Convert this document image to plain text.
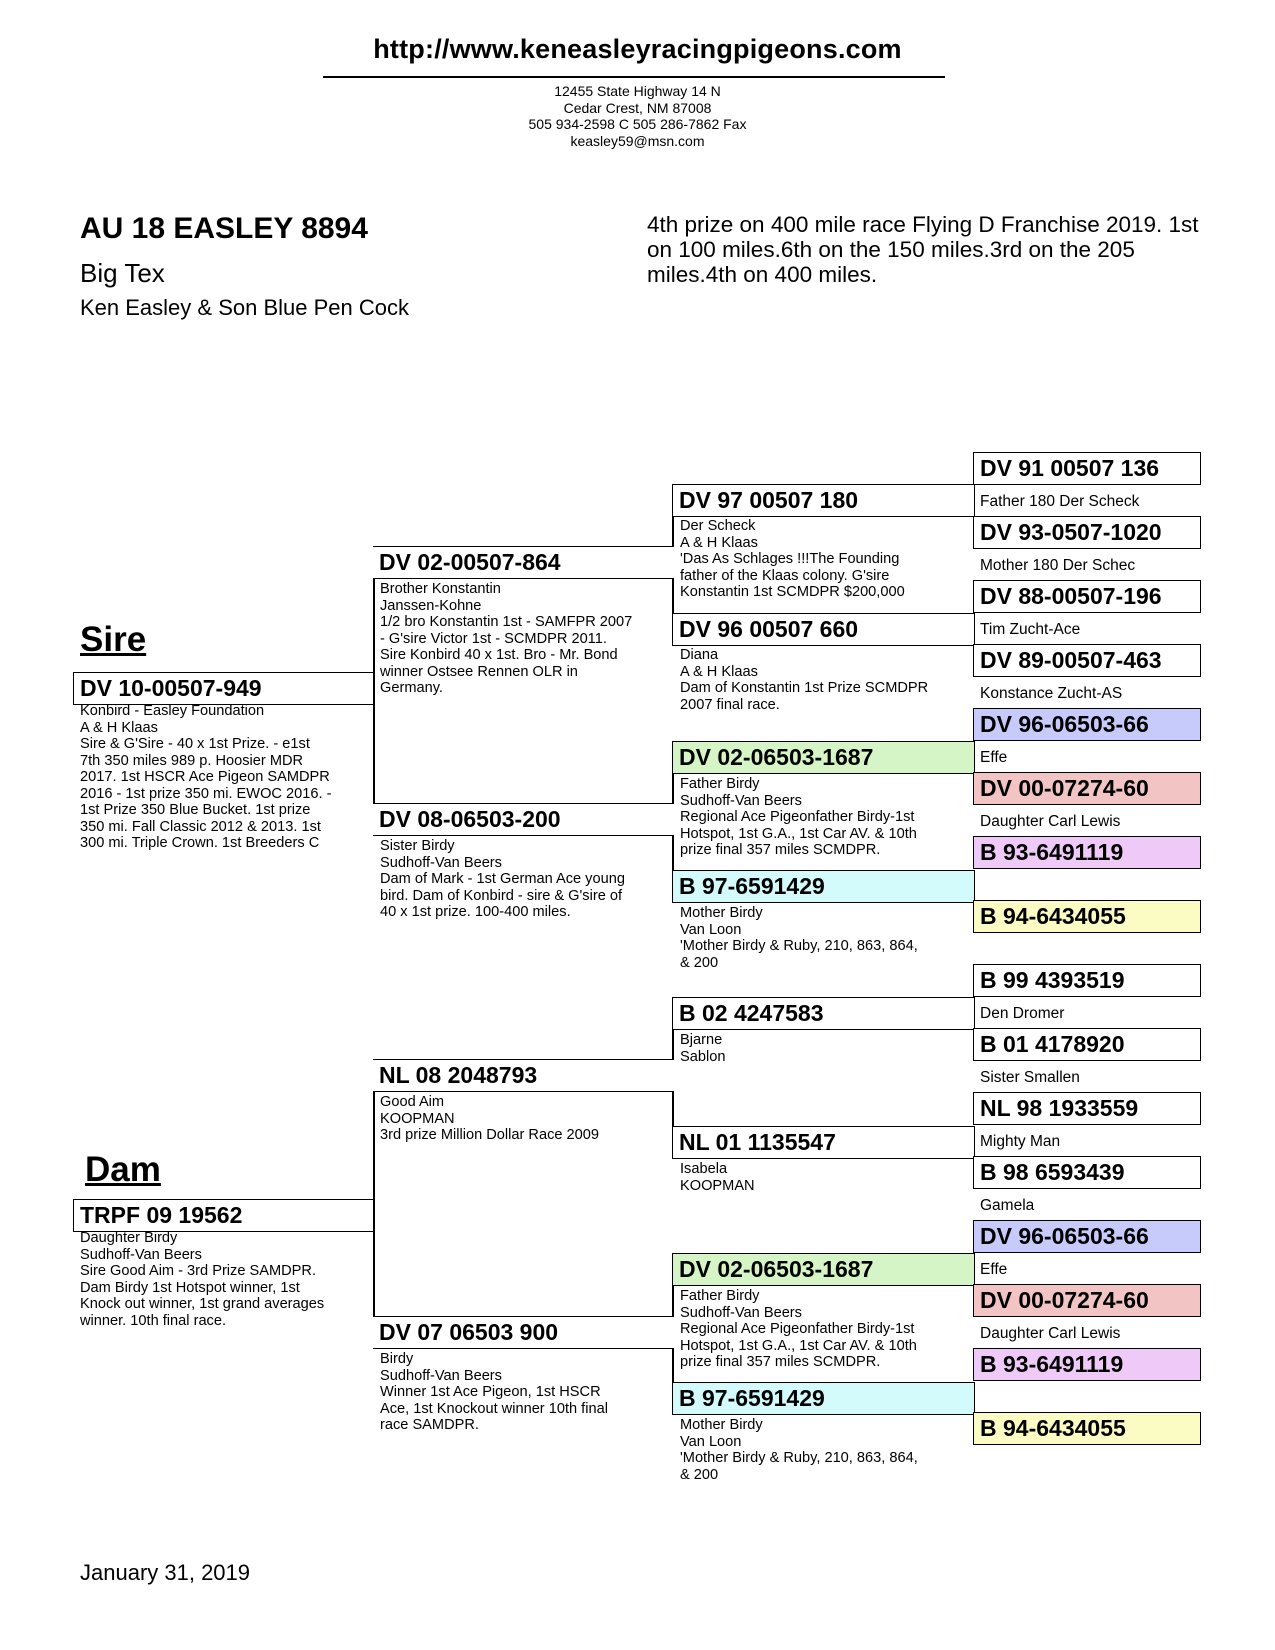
http://www.keneasleyracingpigeons.com
12455 State Highway 14 N
Cedar Crest, NM 87008
505 934-2598 C 505 286-7862 Fax
keasley59@msn.com
AU 18 EASLEY 8894
Big Tex
Ken Easley & Son Blue Pen Cock
4th prize on 400 mile race Flying D Franchise 2019. 1st on 100 miles.6th on the 150 miles.3rd on the 205 miles.4th on 400 miles.
Sire
Dam
DV 10-00507-949
Konbird - Easley Foundation
A & H Klaas
Sire & G'Sire - 40 x 1st Prize. - e1st
7th 350 miles 989 p. Hoosier MDR
2017. 1st HSCR Ace Pigeon SAMDPR
2016 - 1st prize 350 mi. EWOC 2016. -
1st Prize 350 Blue Bucket. 1st prize
350 mi. Fall Classic 2012 & 2013. 1st
300 mi. Triple Crown. 1st Breeders C
TRPF 09 19562
Daughter Birdy
Sudhoff-Van Beers
Sire Good Aim - 3rd Prize SAMDPR.
Dam Birdy 1st Hotspot winner, 1st
Knock out winner, 1st grand averages
winner. 10th final race.
DV 02-00507-864
Brother Konstantin
Janssen-Kohne
1/2 bro Konstantin 1st - SAMFPR 2007
- G'sire Victor 1st - SCMDPR 2011.
Sire Konbird 40 x 1st. Bro - Mr. Bond
winner Ostsee Rennen OLR in
Germany.
DV 08-06503-200
Sister Birdy
Sudhoff-Van Beers
Dam of Mark - 1st German Ace young
bird. Dam of Konbird - sire & G'sire of
40 x 1st prize. 100-400 miles.
NL 08 2048793
Good Aim
KOOPMAN
3rd prize Million Dollar Race 2009
DV 07 06503 900
Birdy
Sudhoff-Van Beers
Winner 1st Ace Pigeon, 1st HSCR
Ace, 1st Knockout winner 10th final
race SAMDPR.
DV 97 00507 180
Der Scheck
A & H Klaas
'Das As Schlages !!!The Founding
father of the Klaas colony. G'sire
Konstantin 1st SCMDPR $200,000
DV 96 00507 660
Diana
A & H Klaas
Dam of Konstantin 1st Prize SCMDPR
2007 final race.
DV 02-06503-1687
Father Birdy
Sudhoff-Van Beers
Regional Ace Pigeonfather Birdy-1st
Hotspot, 1st G.A., 1st Car AV. & 10th
prize final 357 miles SCMDPR.
B 97-6591429
Mother Birdy
Van Loon
'Mother Birdy & Ruby, 210, 863, 864,
& 200
B 02 4247583
Bjarne
Sablon
NL 01 1135547
Isabela
KOOPMAN
DV 02-06503-1687
Father Birdy
Sudhoff-Van Beers
Regional Ace Pigeonfather Birdy-1st
Hotspot, 1st G.A., 1st Car AV. & 10th
prize final 357 miles SCMDPR.
B 97-6591429
Mother Birdy
Van Loon
'Mother Birdy & Ruby, 210, 863, 864,
& 200
DV 91 00507 136
Father 180 Der Scheck
DV 93-0507-1020
Mother 180 Der Schec
DV 88-00507-196
Tim Zucht-Ace
DV 89-00507-463
Konstance Zucht-AS
DV 96-06503-66
Effe
DV 00-07274-60
Daughter Carl Lewis
B 93-6491119
B 94-6434055
B 99 4393519
Den Dromer
B 01 4178920
Sister Smallen
NL 98 1933559
Mighty Man
B 98 6593439
Gamela
DV 96-06503-66
Effe
DV 00-07274-60
Daughter Carl Lewis
B 93-6491119
B 94-6434055
January 31, 2019
